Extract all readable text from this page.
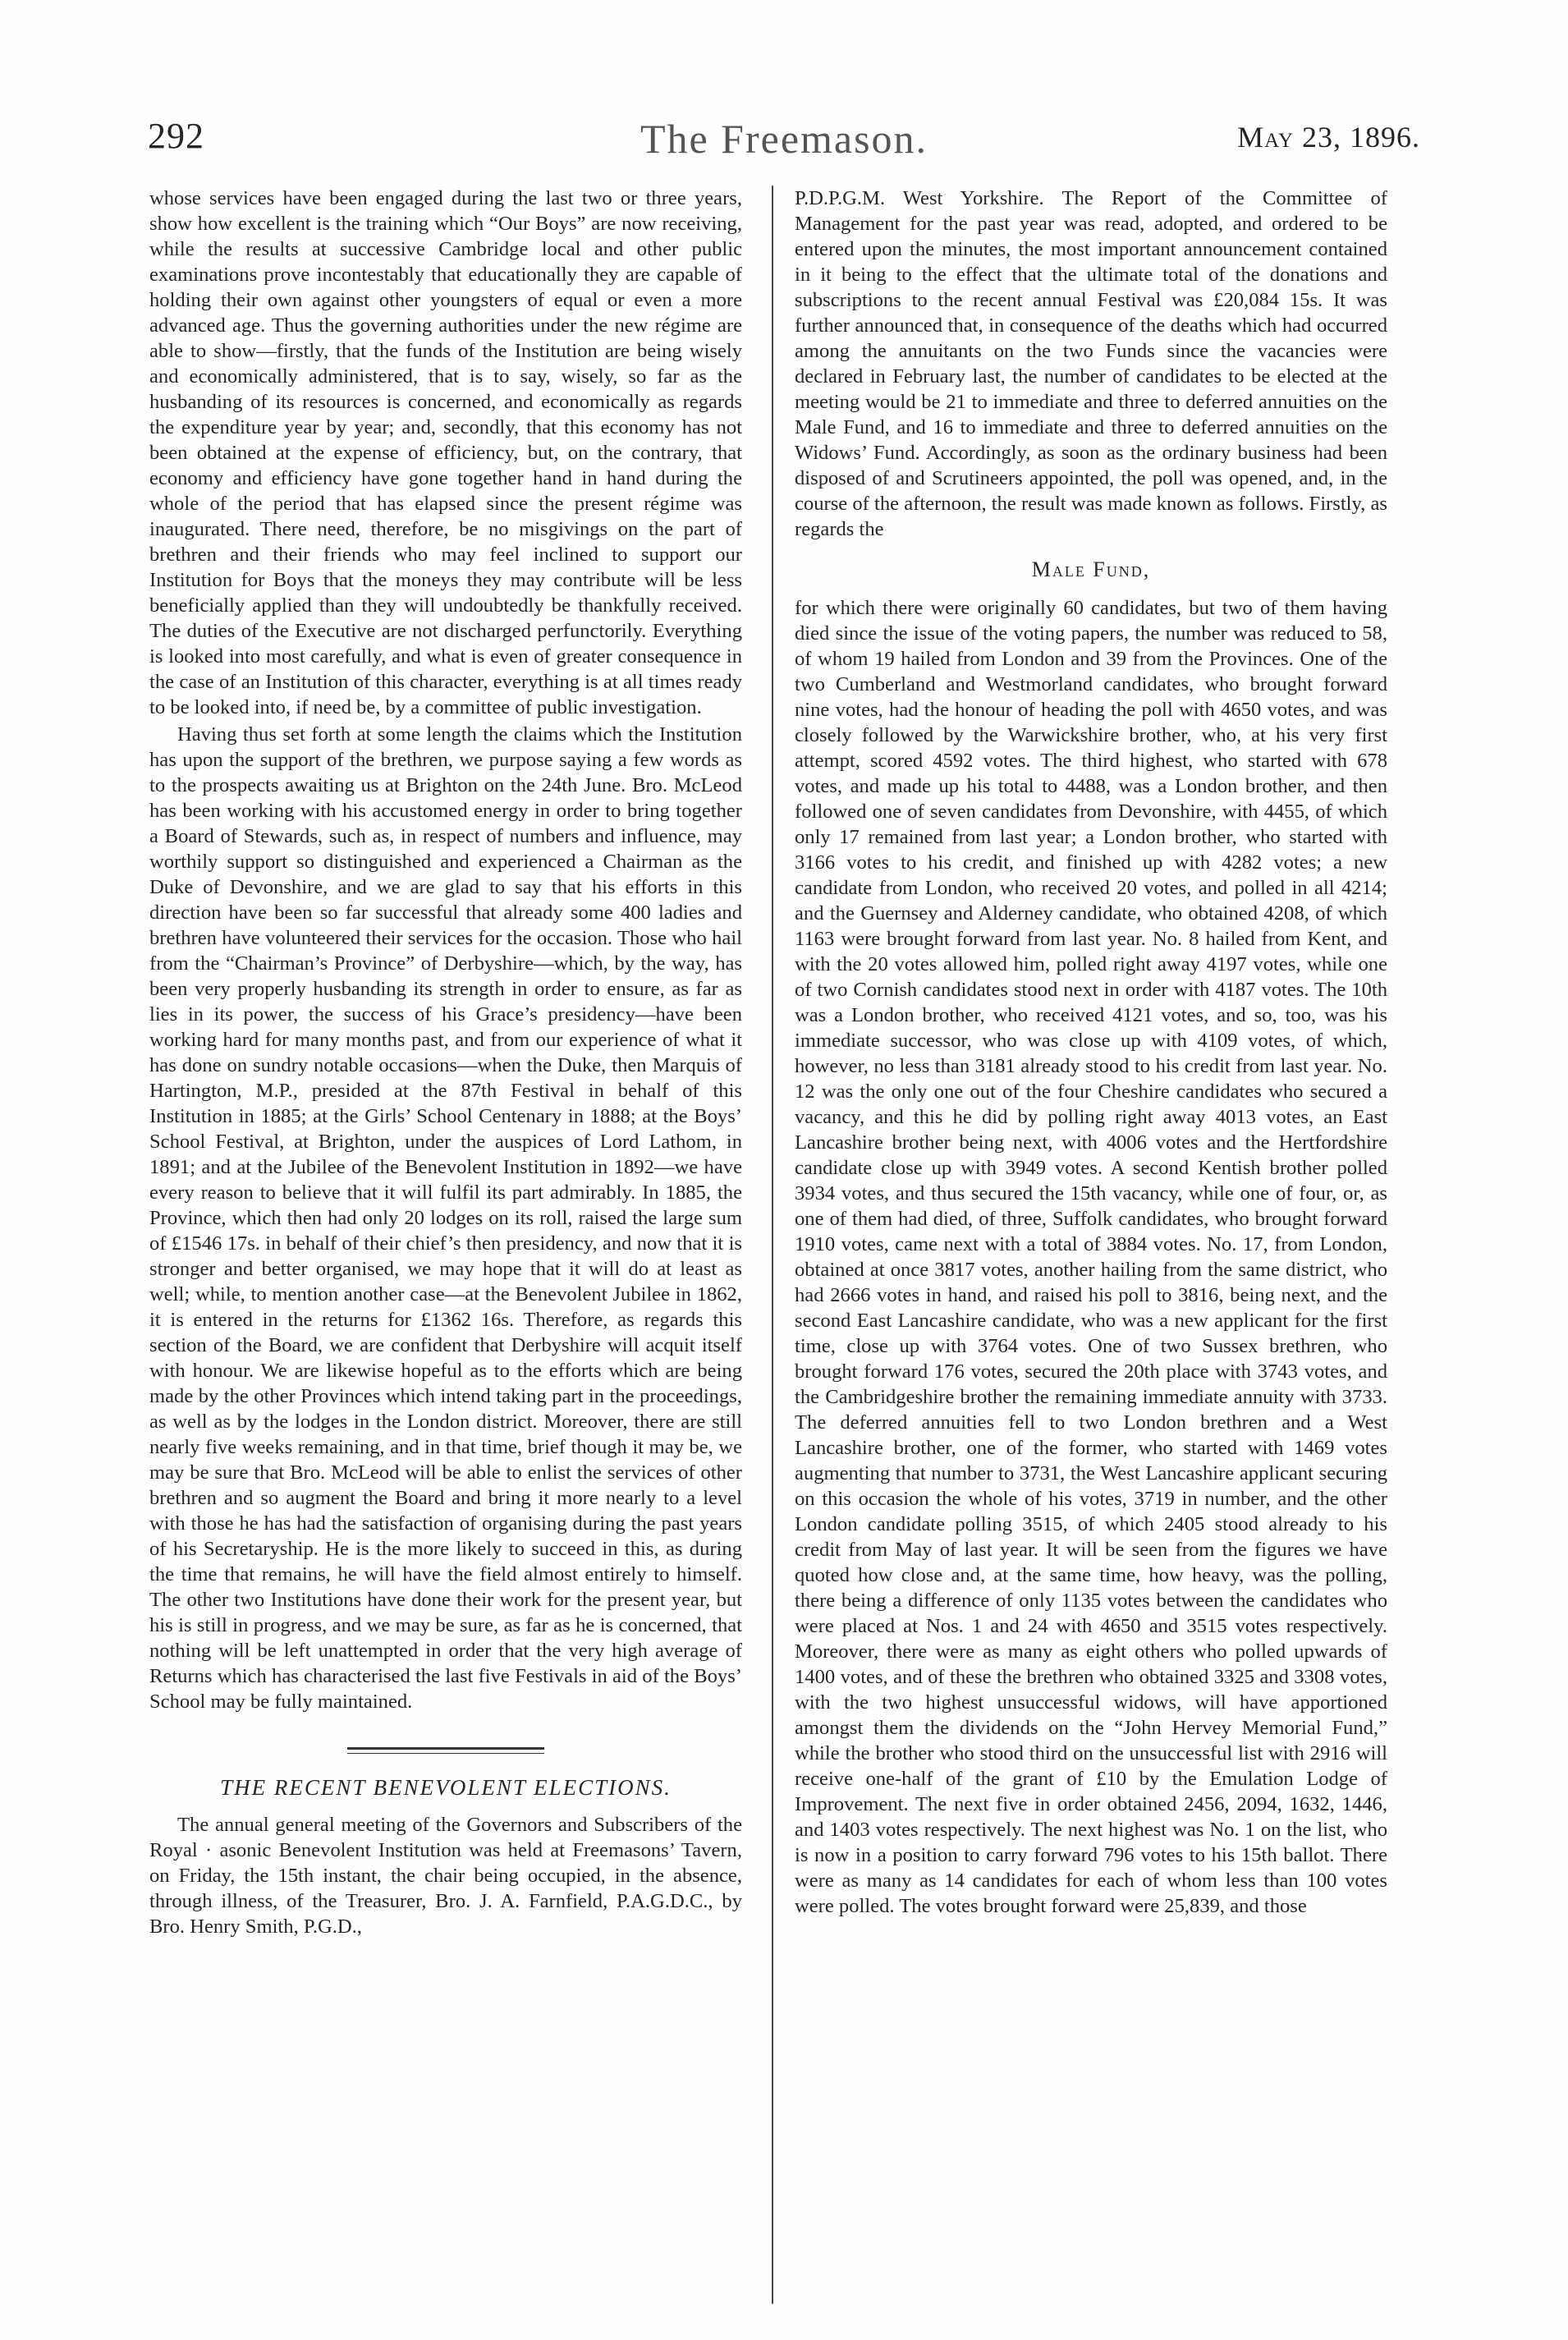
292	The Freemason.	May 23, 1896.

whose services have been engaged during the last two or three years, show how excellent is the training which “Our Boys” are now receiving, while the results at successive Cambridge local and other public examinations prove incontestably that educationally they are capable of holding their own against other youngsters of equal or even a more advanced age. Thus the governing authorities under the new régime are able to show—firstly, that the funds of the Institution are being wisely and economically administered, that is to say, wisely, so far as the husbanding of its resources is concerned, and economically as regards the expenditure year by year; and, secondly, that this economy has not been obtained at the expense of efficiency, but, on the contrary, that economy and efficiency have gone together hand in hand during the whole of the period that has elapsed since the present régime was inaugurated. There need, therefore, be no misgivings on the part of brethren and their friends who may feel inclined to support our Institution for Boys that the moneys they may contribute will be less beneficially applied than they will undoubtedly be thankfully received. The duties of the Executive are not discharged perfunctorily. Everything is looked into most carefully, and what is even of greater consequence in the case of an Institution of this character, everything is at all times ready to be looked into, if need be, by a committee of public investigation.

Having thus set forth at some length the claims which the Institution has upon the support of the brethren, we purpose saying a few words as to the prospects awaiting us at Brighton on the 24th June. Bro. McLeod has been working with his accustomed energy in order to bring together a Board of Stewards, such as, in respect of numbers and influence, may worthily support so distinguished and experienced a Chairman as the Duke of Devonshire, and we are glad to say that his efforts in this direction have been so far successful that already some 400 ladies and brethren have volunteered their services for the occasion. Those who hail from the “Chairman’s Province” of Derbyshire—which, by the way, has been very properly husbanding its strength in order to ensure, as far as lies in its power, the success of his Grace’s presidency—have been working hard for many months past, and from our experience of what it has done on sundry notable occasions—when the Duke, then Marquis of Hartington, M.P., presided at the 87th Festival in behalf of this Institution in 1885; at the Girls’ School Centenary in 1888; at the Boys’ School Festival, at Brighton, under the auspices of Lord Lathom, in 1891; and at the Jubilee of the Benevolent Institution in 1892—we have every reason to believe that it will fulfil its part admirably. In 1885, the Province, which then had only 20 lodges on its roll, raised the large sum of £1546 17s. in behalf of their chief’s then presidency, and now that it is stronger and better organised, we may hope that it will do at least as well; while, to mention another case—at the Benevolent Jubilee in 1862, it is entered in the returns for £1362 16s. Therefore, as regards this section of the Board, we are confident that Derbyshire will acquit itself with honour. We are likewise hopeful as to the efforts which are being made by the other Provinces which intend taking part in the proceedings, as well as by the lodges in the London district. Moreover, there are still nearly five weeks remaining, and in that time, brief though it may be, we may be sure that Bro. McLeod will be able to enlist the services of other brethren and so augment the Board and bring it more nearly to a level with those he has had the satisfaction of organising during the past years of his Secretaryship. He is the more likely to succeed in this, as during the time that remains, he will have the field almost entirely to himself. The other two Institutions have done their work for the present year, but his is still in progress, and we may be sure, as far as he is concerned, that nothing will be left unattempted in order that the very high average of Returns which has characterised the last five Festivals in aid of the Boys’ School may be fully maintained.

THE RECENT BENEVOLENT ELECTIONS.

The annual general meeting of the Governors and Subscribers of the Royal · asonic Benevolent Institution was held at Freemasons’ Tavern, on Friday, the 15th instant, the chair being occupied, in the absence, through illness, of the Treasurer, Bro. J. A. Farnfield, P.A.G.D.C., by Bro. Henry Smith, P.G.D.,

P.D.P.G.M. West Yorkshire. The Report of the Committee of Management for the past year was read, adopted, and ordered to be entered upon the minutes, the most important announcement contained in it being to the effect that the ultimate total of the donations and subscriptions to the recent annual Festival was £20,084 15s. It was further announced that, in consequence of the deaths which had occurred among the annuitants on the two Funds since the vacancies were declared in February last, the number of candidates to be elected at the meeting would be 21 to immediate and three to deferred annuities on the Male Fund, and 16 to immediate and three to deferred annuities on the Widows’ Fund. Accordingly, as soon as the ordinary business had been disposed of and Scrutineers appointed, the poll was opened, and, in the course of the afternoon, the result was made known as follows. Firstly, as regards the

Male Fund,

for which there were originally 60 candidates, but two of them having died since the issue of the voting papers, the number was reduced to 58, of whom 19 hailed from London and 39 from the Provinces. One of the two Cumberland and Westmorland candidates, who brought forward nine votes, had the honour of heading the poll with 4650 votes, and was closely followed by the Warwickshire brother, who, at his very first attempt, scored 4592 votes. The third highest, who started with 678 votes, and made up his total to 4488, was a London brother, and then followed one of seven candidates from Devonshire, with 4455, of which only 17 remained from last year; a London brother, who started with 3166 votes to his credit, and finished up with 4282 votes; a new candidate from London, who received 20 votes, and polled in all 4214; and the Guernsey and Alderney candidate, who obtained 4208, of which 1163 were brought forward from last year. No. 8 hailed from Kent, and with the 20 votes allowed him, polled right away 4197 votes, while one of two Cornish candidates stood next in order with 4187 votes. The 10th was a London brother, who received 4121 votes, and so, too, was his immediate successor, who was close up with 4109 votes, of which, however, no less than 3181 already stood to his credit from last year. No. 12 was the only one out of the four Cheshire candidates who secured a vacancy, and this he did by polling right away 4013 votes, an East Lancashire brother being next, with 4006 votes and the Hertfordshire candidate close up with 3949 votes. A second Kentish brother polled 3934 votes, and thus secured the 15th vacancy, while one of four, or, as one of them had died, of three, Suffolk candidates, who brought forward 1910 votes, came next with a total of 3884 votes. No. 17, from London, obtained at once 3817 votes, another hailing from the same district, who had 2666 votes in hand, and raised his poll to 3816, being next, and the second East Lancashire candidate, who was a new applicant for the first time, close up with 3764 votes. One of two Sussex brethren, who brought forward 176 votes, secured the 20th place with 3743 votes, and the Cambridgeshire brother the remaining immediate annuity with 3733. The deferred annuities fell to two London brethren and a West Lancashire brother, one of the former, who started with 1469 votes augmenting that number to 3731, the West Lancashire applicant securing on this occasion the whole of his votes, 3719 in number, and the other London candidate polling 3515, of which 2405 stood already to his credit from May of last year. It will be seen from the figures we have quoted how close and, at the same time, how heavy, was the polling, there being a difference of only 1135 votes between the candidates who were placed at Nos. 1 and 24 with 4650 and 3515 votes respectively. Moreover, there were as many as eight others who polled upwards of 1400 votes, and of these the brethren who obtained 3325 and 3308 votes, with the two highest unsuccessful widows, will have apportioned amongst them the dividends on the “John Hervey Memorial Fund,” while the brother who stood third on the unsuccessful list with 2916 will receive one-half of the grant of £10 by the Emulation Lodge of Improvement. The next five in order obtained 2456, 2094, 1632, 1446, and 1403 votes respectively. The next highest was No. 1 on the list, who is now in a position to carry forward 796 votes to his 15th ballot. There were as many as 14 candidates for each of whom less than 100 votes were polled. The votes brought forward were 25,839, and those
